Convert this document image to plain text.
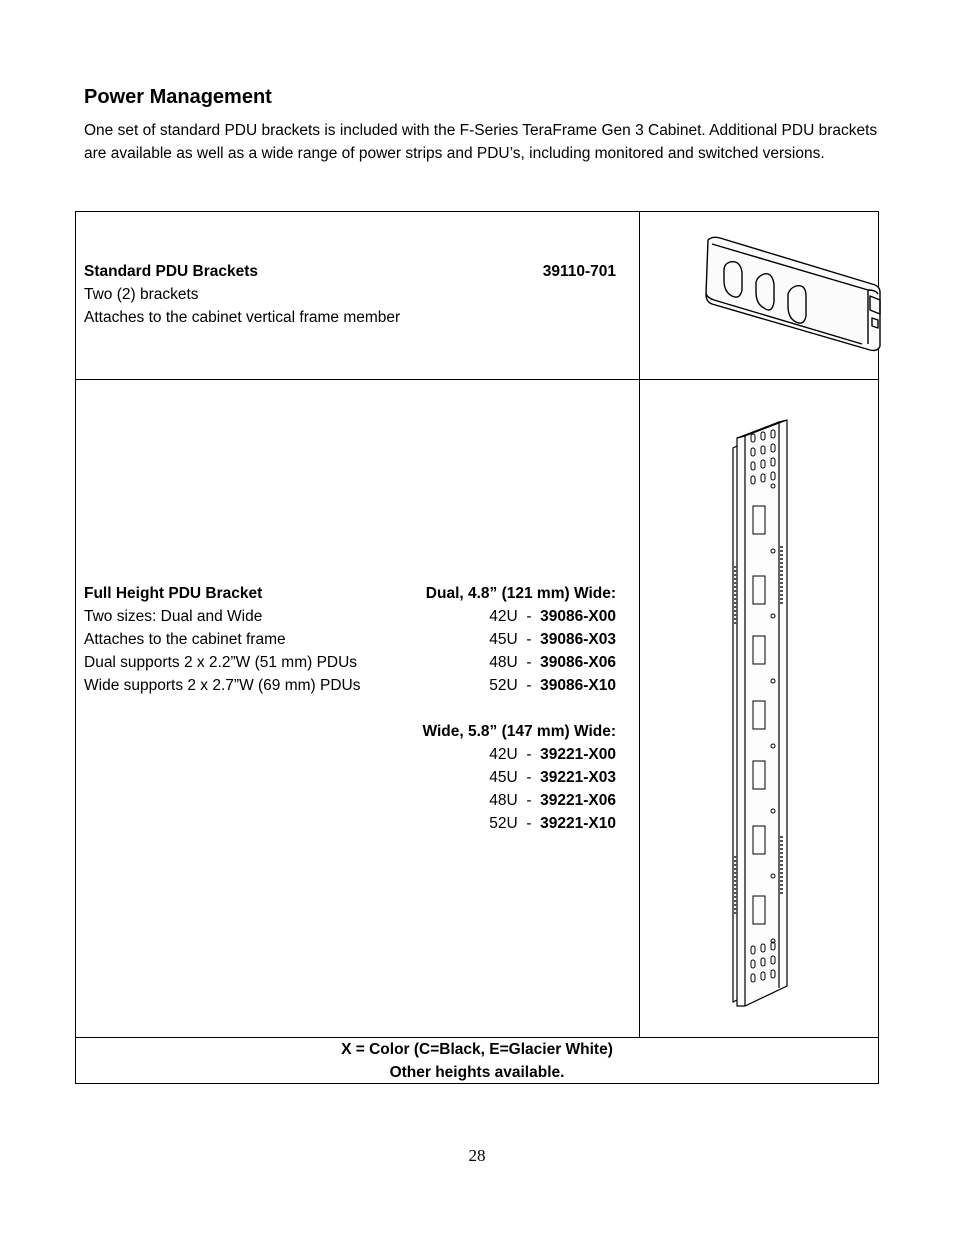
Power Management

One set of standard PDU brackets is included with the F-Series TeraFrame Gen 3 Cabinet. Additional PDU brackets are available as well as a wide range of power strips and PDU’s, including monitored and switched versions.

Standard PDU Brackets	39110-701
Two (2) brackets
Attaches to the cabinet vertical frame member
Full Height PDU Bracket
Two sizes: Dual and Wide
Attaches to the cabinet frame
Dual supports 2 x 2.2”W (51 mm) PDUs
Wide supports 2 x 2.7”W (69 mm) PDUs
Dual, 4.8” (121 mm) Wide:
42U - 39086-X00
45U - 39086-X03
48U - 39086-X06
52U - 39086-X10
Wide, 5.8” (147 mm) Wide:
42U - 39221-X00
45U - 39221-X03
48U - 39221-X06
52U - 39221-X10
X = Color (C=Black, E=Glacier White)
Other heights available.
28
